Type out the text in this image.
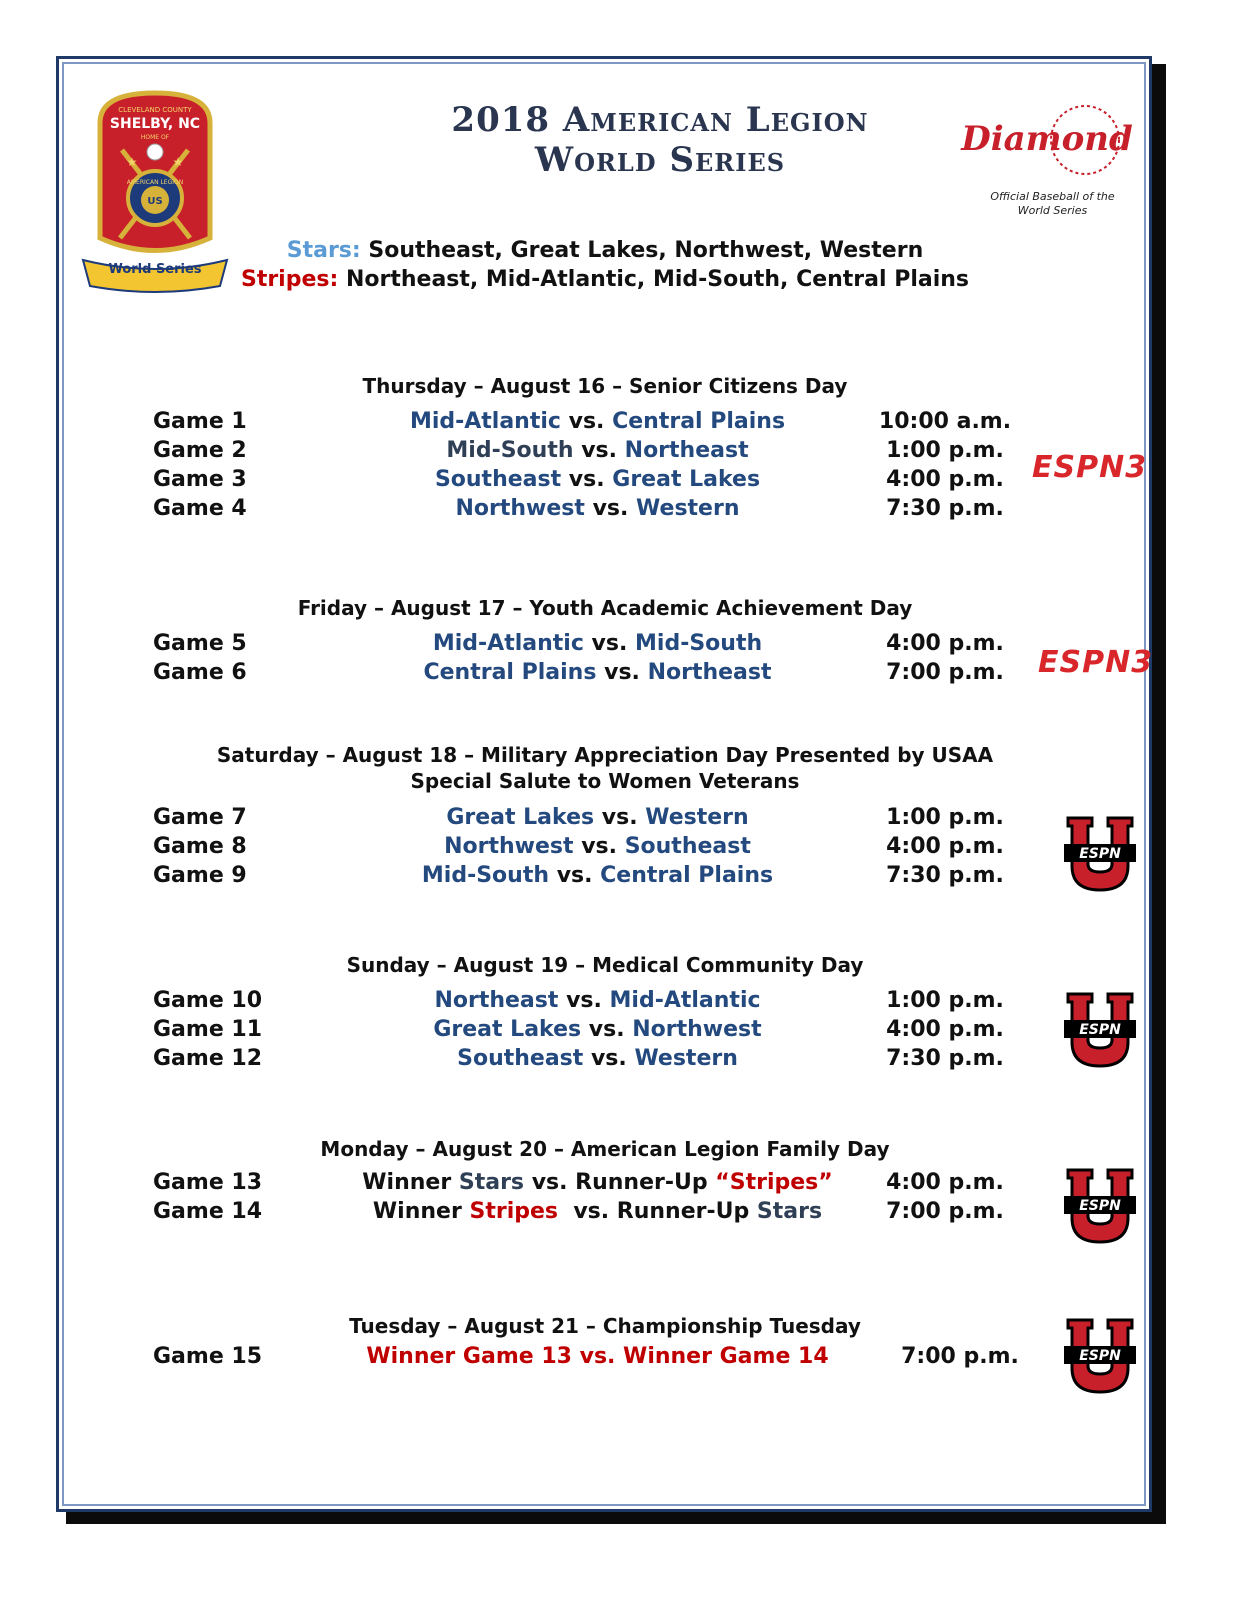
CLEVELAND COUNTY
SHELBY, NC
HOME OF
★	★
AMERICAN LEGION
US
AMERICAN LEGION
World Series
2018 American Legion
World Series
Diamond
Official Baseball of the
World Series
Stars: Southeast, Great Lakes, Northwest, Western
Stripes: Northeast, Mid-Atlantic, Mid-South, Central Plains
Thursday – August 16 – Senior Citizens Day
Game 1	Mid-Atlantic vs. Central Plains	10:00 a.m.
Game 2	Mid-South vs. Northeast	1:00 p.m.
Game 3	Southeast vs. Great Lakes	4:00 p.m.
Game 4	Northwest vs. Western	7:30 p.m.
ESPN3
Friday – August 17 – Youth Academic Achievement Day
Game 5	Mid-Atlantic vs. Mid-South	4:00 p.m.
Game 6	Central Plains vs. Northeast	7:00 p.m.	ESPN3
Saturday – August 18 – Military Appreciation Day Presented by USAA
Special Salute to Women Veterans
Game 7	Great Lakes vs. Western	1:00 p.m.
Game 8	Northwest vs. Southeast	4:00 p.m.
Game 9	Mid-South vs. Central Plains	7:30 p.m.
ESPN
Sunday – August 19 – Medical Community Day
Game 10	Northeast vs. Mid-Atlantic	1:00 p.m.
Game 11	Great Lakes vs. Northwest	4:00 p.m.
Game 12	Southeast vs. Western	7:30 p.m.
ESPN
Monday – August 20 – American Legion Family Day
Game 13	Winner Stars vs. Runner-Up “Stripes”	4:00 p.m.
Game 14	Winner Stripes vs. Runner-Up Stars	7:00 p.m.	ESPN
Tuesday – August 21 – Championship Tuesday
Game 15	Winner Game 13 vs. Winner Game 14	7:00 p.m.	ESPN
